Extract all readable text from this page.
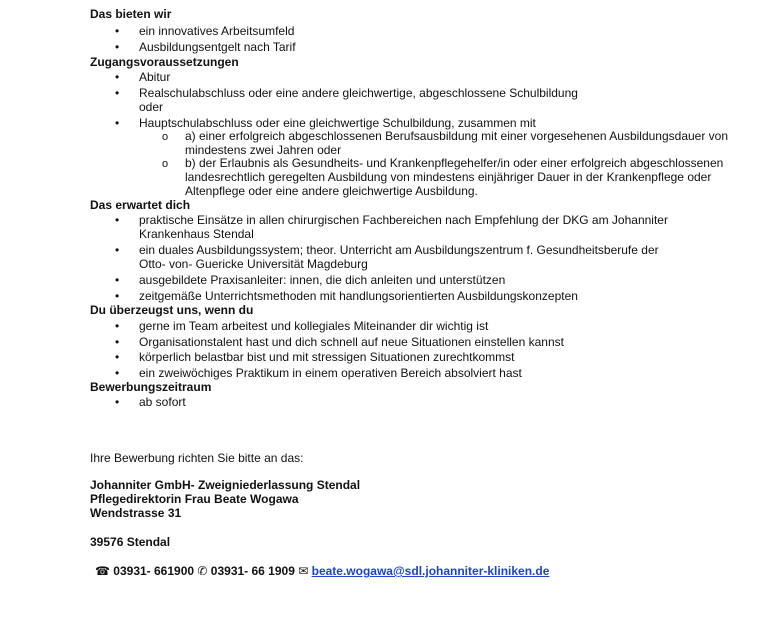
Das bieten wir
• ein innovatives Arbeitsumfeld
• Ausbildungsentgelt nach Tarif
Zugangsvoraussetzungen
• Abitur
• Realschulabschluss oder eine andere gleichwertige, abgeschlossene Schulbildung
oder
• Hauptschulabschluss oder eine gleichwertige Schulbildung, zusammen mit
o a) einer erfolgreich abgeschlossenen Berufsausbildung mit einer vorgesehenen Ausbildungsdauer von
mindestens zwei Jahren oder
o b) der Erlaubnis als Gesundheits- und Krankenpflegehelfer/in oder einer erfolgreich abgeschlossenen
landesrechtlich geregelten Ausbildung von mindestens einjähriger Dauer in der Krankenpflege oder
Altenpflege oder eine andere gleichwertige Ausbildung.
Das erwartet dich
• praktische Einsätze in allen chirurgischen Fachbereichen nach Empfehlung der DKG am Johanniter
Krankenhaus Stendal
• ein duales Ausbildungssystem; theor. Unterricht am Ausbildungszentrum f. Gesundheitsberufe der
Otto- von- Guericke Universität Magdeburg
• ausgebildete Praxisanleiter: innen, die dich anleiten und unterstützen
• zeitgemäße Unterrichtsmethoden mit handlungsorientierten Ausbildungskonzepten
Du überzeugst uns, wenn du
• gerne im Team arbeitest und kollegiales Miteinander dir wichtig ist
• Organisationstalent hast und dich schnell auf neue Situationen einstellen kannst
• körperlich belastbar bist und mit stressigen Situationen zurechtkommst
• ein zweiwöchiges Praktikum in einem operativen Bereich absolviert hast
Bewerbungszeitraum
• ab sofort
Ihre Bewerbung richten Sie bitte an das:
Johanniter GmbH- Zweigniederlassung Stendal
Pflegedirektorin Frau Beate Wogawa
Wendstrasse 31
39576 Stendal
☎ 03931- 661900 ✆ 03931- 66 1909 ✉ beate.wogawa@sdl.johanniter-kliniken.de
